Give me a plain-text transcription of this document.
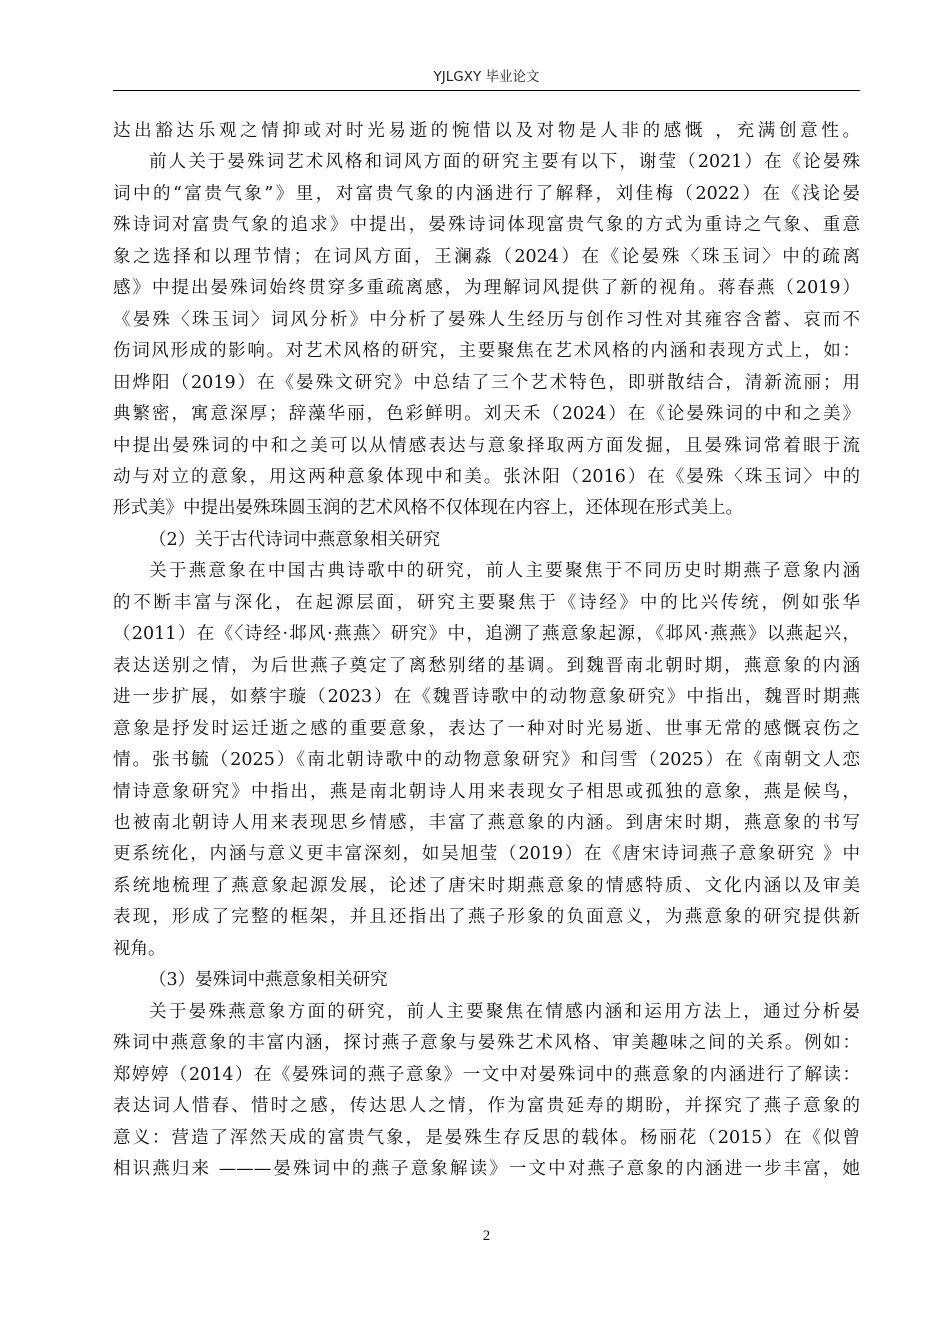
YJLGXY 毕业论文

达出豁达乐观之情抑或对时光易逝的惋惜以及对物是人非的感慨 ，充满创意性。

前人关于晏殊词艺术风格和词风方面的研究主要有以下，谢莹（2021）在《论晏殊

词中的“富贵气象”》里，对富贵气象的内涵进行了解释，刘佳梅（2022）在《浅论晏

殊诗词对富贵气象的追求》中提出，晏殊诗词体现富贵气象的方式为重诗之气象、重意

象之选择和以理节情；在词风方面，王澜淼（2024）在《论晏殊〈珠玉词〉中的疏离

感》中提出晏殊词始终贯穿多重疏离感，为理解词风提供了新的视角。蒋春燕（2019）

《晏殊〈珠玉词〉词风分析》中分析了晏殊人生经历与创作习性对其雍容含蓄、哀而不

伤词风形成的影响。对艺术风格的研究，主要聚焦在艺术风格的内涵和表现方式上，如：

田烨阳（2019）在《晏殊文研究》中总结了三个艺术特色，即骈散结合，清新流丽；用

典繁密，寓意深厚；辞藻华丽，色彩鲜明。刘天禾（2024）在《论晏殊词的中和之美》

中提出晏殊词的中和之美可以从情感表达与意象择取两方面发掘，且晏殊词常着眼于流

动与对立的意象，用这两种意象体现中和美。张沐阳（2016）在《晏殊〈珠玉词〉中的

形式美》中提出晏殊珠圆玉润的艺术风格不仅体现在内容上，还体现在形式美上。

（2）关于古代诗词中燕意象相关研究

关于燕意象在中国古典诗歌中的研究，前人主要聚焦于不同历史时期燕子意象内涵

的不断丰富与深化，在起源层面，研究主要聚焦于《诗经》中的比兴传统，例如张华

（2011）在《〈诗经·邶风·燕燕〉研究》中，追溯了燕意象起源，《邶风·燕燕》以燕起兴，

表达送别之情，为后世燕子奠定了离愁别绪的基调。到魏晋南北朝时期，燕意象的内涵

进一步扩展，如蔡宇璇（2023）在《魏晋诗歌中的动物意象研究》中指出，魏晋时期燕

意象是抒发时运迁逝之感的重要意象，表达了一种对时光易逝、世事无常的感慨哀伤之

情。张书毓（2025）《南北朝诗歌中的动物意象研究》和闫雪（2025）在《南朝文人恋

情诗意象研究》中指出，燕是南北朝诗人用来表现女子相思或孤独的意象，燕是候鸟，

也被南北朝诗人用来表现思乡情感，丰富了燕意象的内涵。到唐宋时期，燕意象的书写

更系统化，内涵与意义更丰富深刻，如吴旭莹（2019）在《唐宋诗词燕子意象研究 》中

系统地梳理了燕意象起源发展，论述了唐宋时期燕意象的情感特质、文化内涵以及审美

表现，形成了完整的框架，并且还指出了燕子形象的负面意义，为燕意象的研究提供新

视角。

（3）晏殊词中燕意象相关研究

关于晏殊燕意象方面的研究，前人主要聚焦在情感内涵和运用方法上，通过分析晏

殊词中燕意象的丰富内涵，探讨燕子意象与晏殊艺术风格、审美趣味之间的关系。例如：

郑婷婷（2014）在《晏殊词的燕子意象》一文中对晏殊词中的燕意象的内涵进行了解读：

表达词人惜春、惜时之感，传达思人之情，作为富贵延寿的期盼，并探究了燕子意象的

意义：营造了浑然天成的富贵气象，是晏殊生存反思的载体。杨丽花（2015）在《似曾

相识燕归来 ———晏殊词中的燕子意象解读》一文中对燕子意象的内涵进一步丰富，她

2
